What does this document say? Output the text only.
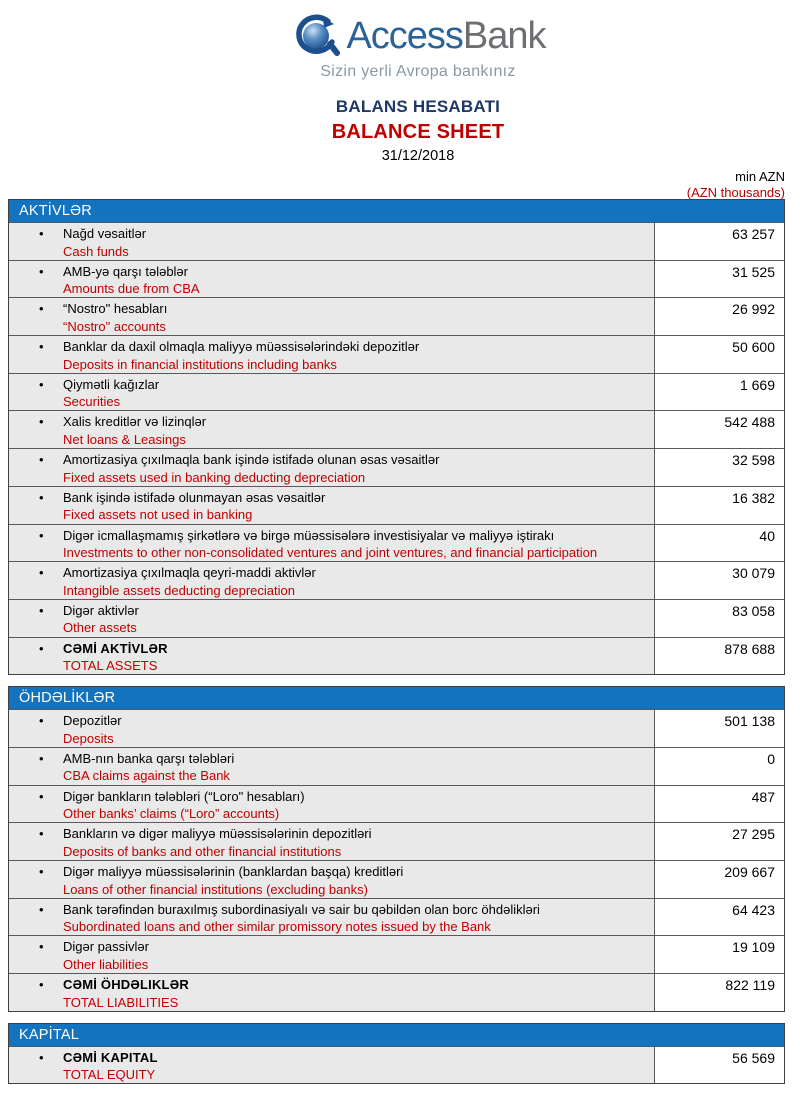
AccessBank
Sizin yerli Avropa bankınız
BALANS HESABATI
BALANCE SHEET
31/12/2018
min AZN
(AZN thousands)
AKTİVLƏR
•	Nağd vəsaitlər
Cash funds
63 257
•	AMB-yə qarşı tələblər
Amounts due from CBA
31 525
•	“Nostro" hesabları
“Nostro" accounts
26 992
•	Banklar da daxil olmaqla maliyyə müəssisələrindəki depozitlər
Deposits in financial institutions including banks
50 600
•	Qiymətli kağızlar
Securities
1 669
•	Xalis kreditlər və lizinqlər
Net loans & Leasings
542 488
•	Amortizasiya çıxılmaqla bank işində istifadə olunan əsas vəsaitlər
Fixed assets used in banking deducting depreciation
32 598
•	Bank işində istifadə olunmayan əsas vəsaitlər
Fixed assets not used in banking
16 382
•	Digər icmallaşmamış şirkətlərə və birgə müəssisələrə investisiyalar və maliyyə iştirakı
Investments to other non-consolidated ventures and joint ventures, and financial participation
40
•	Amortizasiya çıxılmaqla qeyri-maddi aktivlər
Intangible assets deducting depreciation
30 079
•	Digər aktivlər
Other assets
83 058
•	CƏMİ AKTİVLƏR
TOTAL ASSETS
878 688
ÖHDƏLİKLƏR
•	Depozitlər
Deposits
501 138
•	AMB-nın banka qarşı tələbləri
CBA claims against the Bank
0
•	Digər bankların tələbləri (“Loro" hesabları)
Other banks’ claims (“Loro” accounts)
487
•	Bankların və digər maliyyə müəssisələrinin depozitləri
Deposits of banks and other financial institutions
27 295
•	Digər maliyyə müəssisələrinin (banklardan başqa) kreditləri
Loans of other financial institutions (excluding banks)
209 667
•	Bank tərəfindən buraxılmış subordinasiyalı və sair bu qəbildən olan borc öhdəlikləri
Subordinated loans and other similar promissory notes issued by the Bank
64 423
•	Digər passivlər
Other liabilities
19 109
•	CƏMİ ÖHDƏLIKLƏR
TOTAL LIABILITIES
822 119
KAPİTAL
•	CƏMİ KAPITAL
TOTAL EQUITY
56 569
